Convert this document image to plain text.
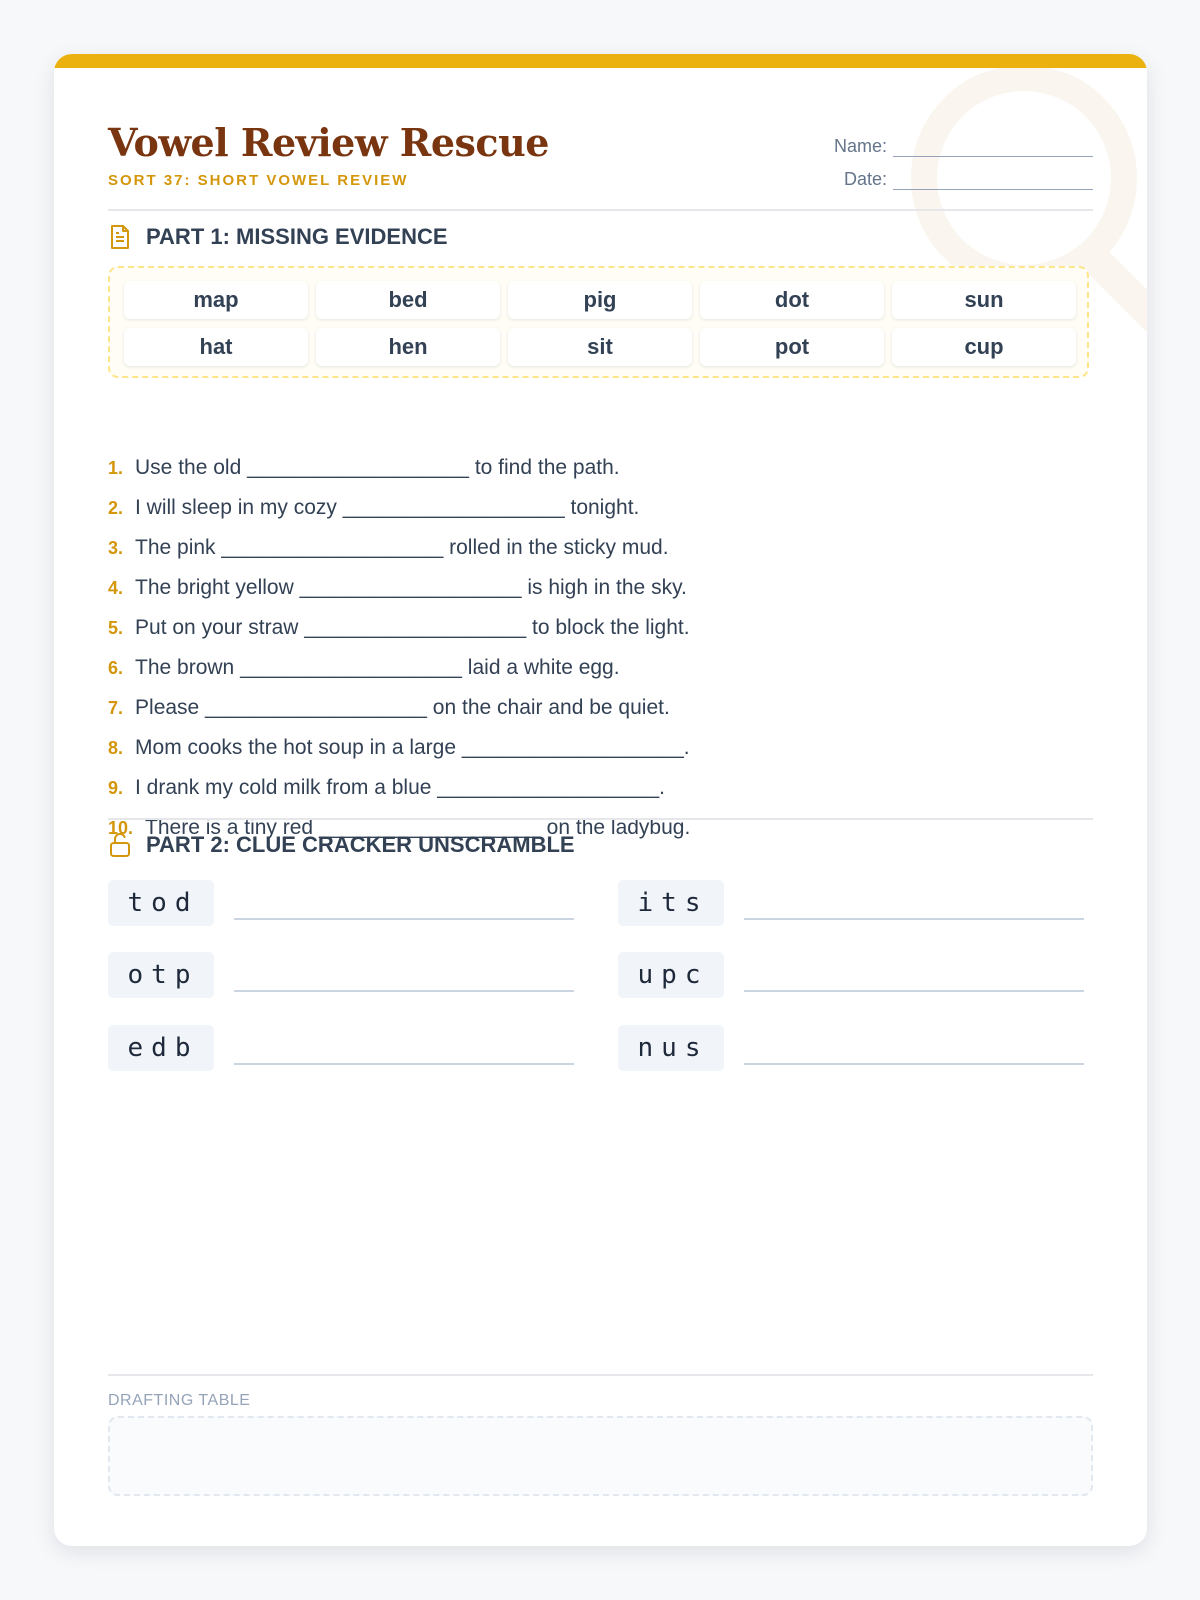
Vowel Review Rescue
SORT 37: SHORT VOWEL REVIEW
Name:
Date:
PART 1: MISSING EVIDENCE
map	bed	pig	dot	sun
hat	hen	sit	pot	cup
1. Use the old ___________________ to find the path.
2. I will sleep in my cozy ___________________ tonight.
3. The pink ___________________ rolled in the sticky mud.
4. The bright yellow ___________________ is high in the sky.
5. Put on your straw ___________________ to block the light.
6. The brown ___________________ laid a white egg.
7. Please ___________________ on the chair and be quiet.
8. Mom cooks the hot soup in a large ___________________.
9. I drank my cold milk from a blue ___________________.
10. There is a tiny red ___________________ on the ladybug.
PART 2: CLUE CRACKER UNSCRAMBLE
tod	its
otp	upc
edb	nus
DRAFTING TABLE
